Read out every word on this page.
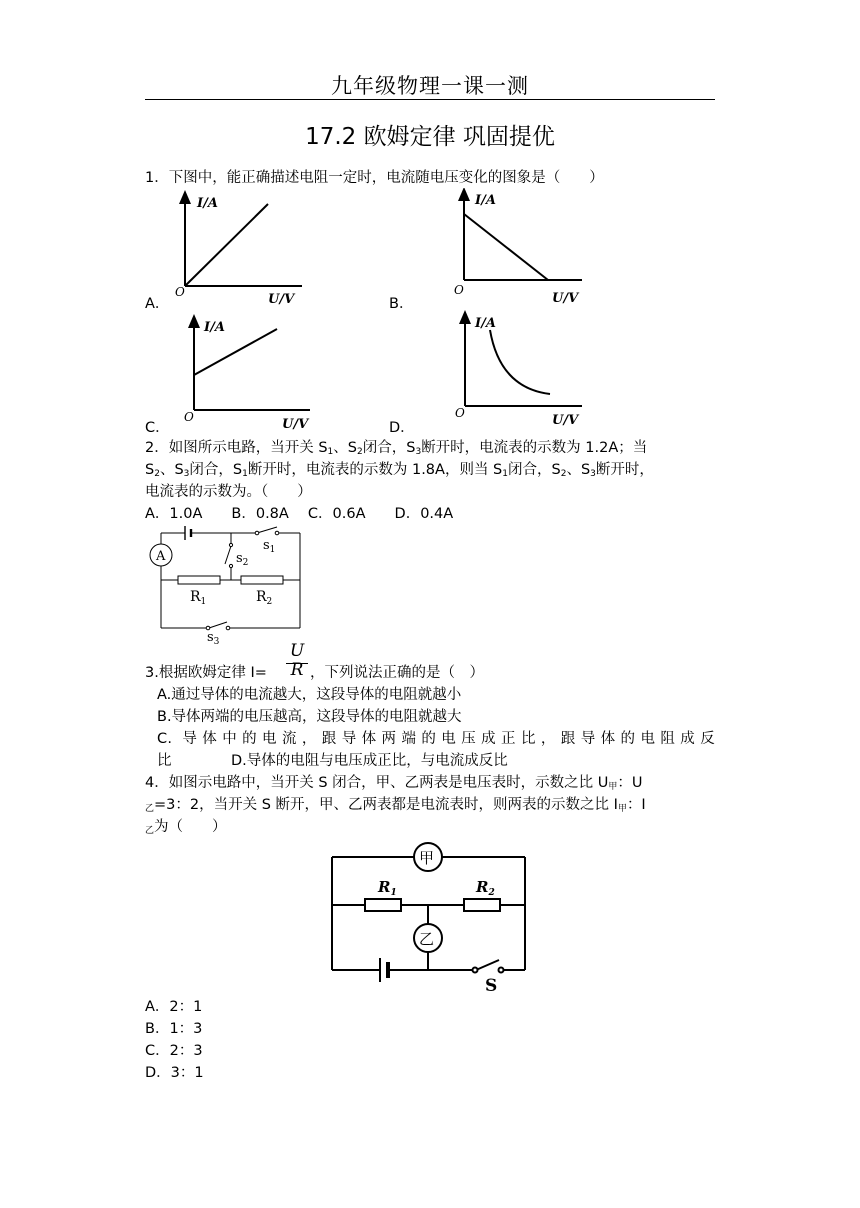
九年级物理一课一测
17.2 欧姆定律 巩固提优
1．下图中，能正确描述电阻一定时，电流随电压变化的图象是（　　）
I/A
U/V
O
I/A
U/V
O
I/A
U/V
O
I/A
U/V
O
A．	B．
C．	D．
2．如图所示电路，当开关 $S_1$、$S_2$闭合，$S_3$断开时，电流表的示数为 1.2A；当
$S_2$、$S_3$闭合，$S_1$断开时，电流表的示数为 1.8A，则当 $S_1$闭合，$S_2$、$S_3$断开时，
电流表的示数为。（　　）
A．1.0A　　B．0.8A　 C．0.6A　　D．0.4A
A
$s_1$
$s_2$
$R_1$	$R_2$
$s_3$	U
R
3.根据欧姆定律 I=	，下列说法正确的是（　）
A.通过导体的电流越大，这段导体的电阻就越小
B.导体两端的电压越高，这段导体的电阻就越大
C. 导体中的电流，跟导体两端的电压成正比，跟导体的电阻成反
比	D.导体的电阻与电压成正比，与电流成反比
4．如图示电路中，当开关 S 闭合，甲、乙两表是电压表时，示数之比 $U_甲$：U
$_乙$=3：2，当开关 S 断开，甲、乙两表都是电流表时，则两表的示数之比 $I_甲$：I
$_乙$为（　　）
甲
乙
$R_1$	$R_2$
S
A．2：1
B．1：3
C．2：3
D．3：1
